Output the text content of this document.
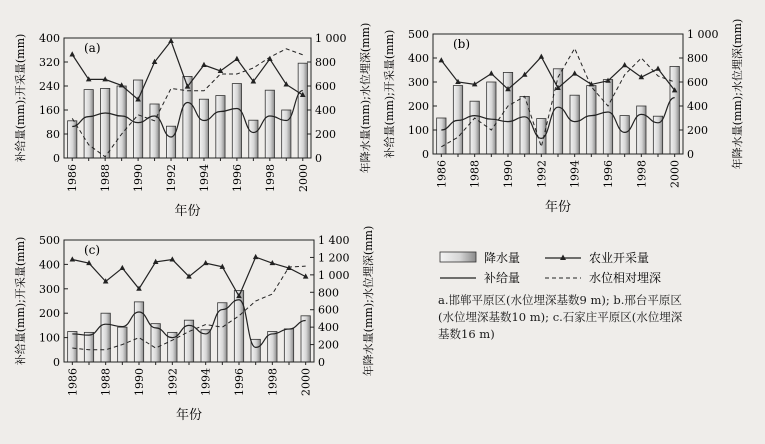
0
80
160
240
320
400
0
200
400
600
800
1 000
1986 1988 1990 1992 1994 1996 1998 2000
(a)
补给量(mm);开采量(mm)	年降水量(mm);水位埋深(mm)
年份
0
100
200
300
400
500
0
200
400
600
800
1 000
1986 1988 1990 1992 1994 1996 1998 2000
(b)
补给量(mm);开采量(mm)	年降水量(mm);水位埋深(mm)
年份
0
100
200
300
400
500
0
200
400
600
800
1 000
1 200
1 400
1986 1988 1990 1992 1994 1996 1998 2000
(c)
补给量(mm);开采量(mm)	年降水量(mm);水位埋深(mm)
年份
降水量	农业开采量
补给量	水位相对埋深
a.邯郸平原区(水位埋深基数9 m); b.邢台平原区(水位埋深基数10 m); c.石家庄平原区(水位埋深基数16 m)
